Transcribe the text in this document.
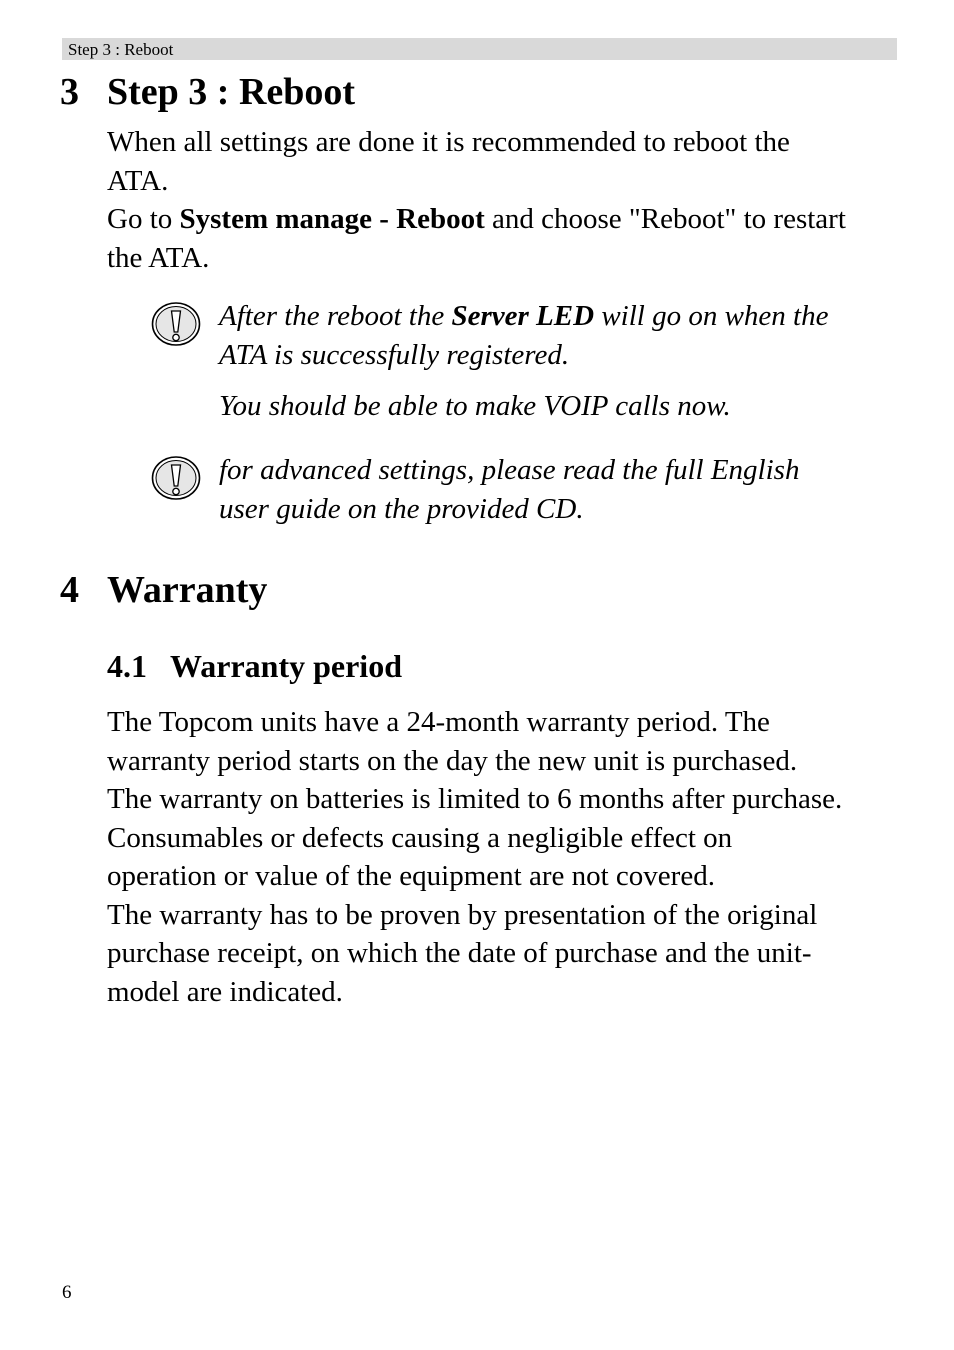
Step 3 : Reboot
3 Step 3 : Reboot
When all settings are done it is recommended to reboot the
ATA.
Go to System manage - Reboot and choose "Reboot" to restart
the ATA.
After the reboot the Server LED will go on when the
ATA is successfully registered.
You should be able to make VOIP calls now.
for advanced settings, please read the full English
user guide on the provided CD.
4 Warranty
4.1 Warranty period
The Topcom units have a 24-month warranty period. The
warranty period starts on the day the new unit is purchased.
The warranty on batteries is limited to 6 months after purchase.
Consumables or defects causing a negligible effect on
operation or value of the equipment are not covered.
The warranty has to be proven by presentation of the original
purchase receipt, on which the date of purchase and the unit-
model are indicated.
6
